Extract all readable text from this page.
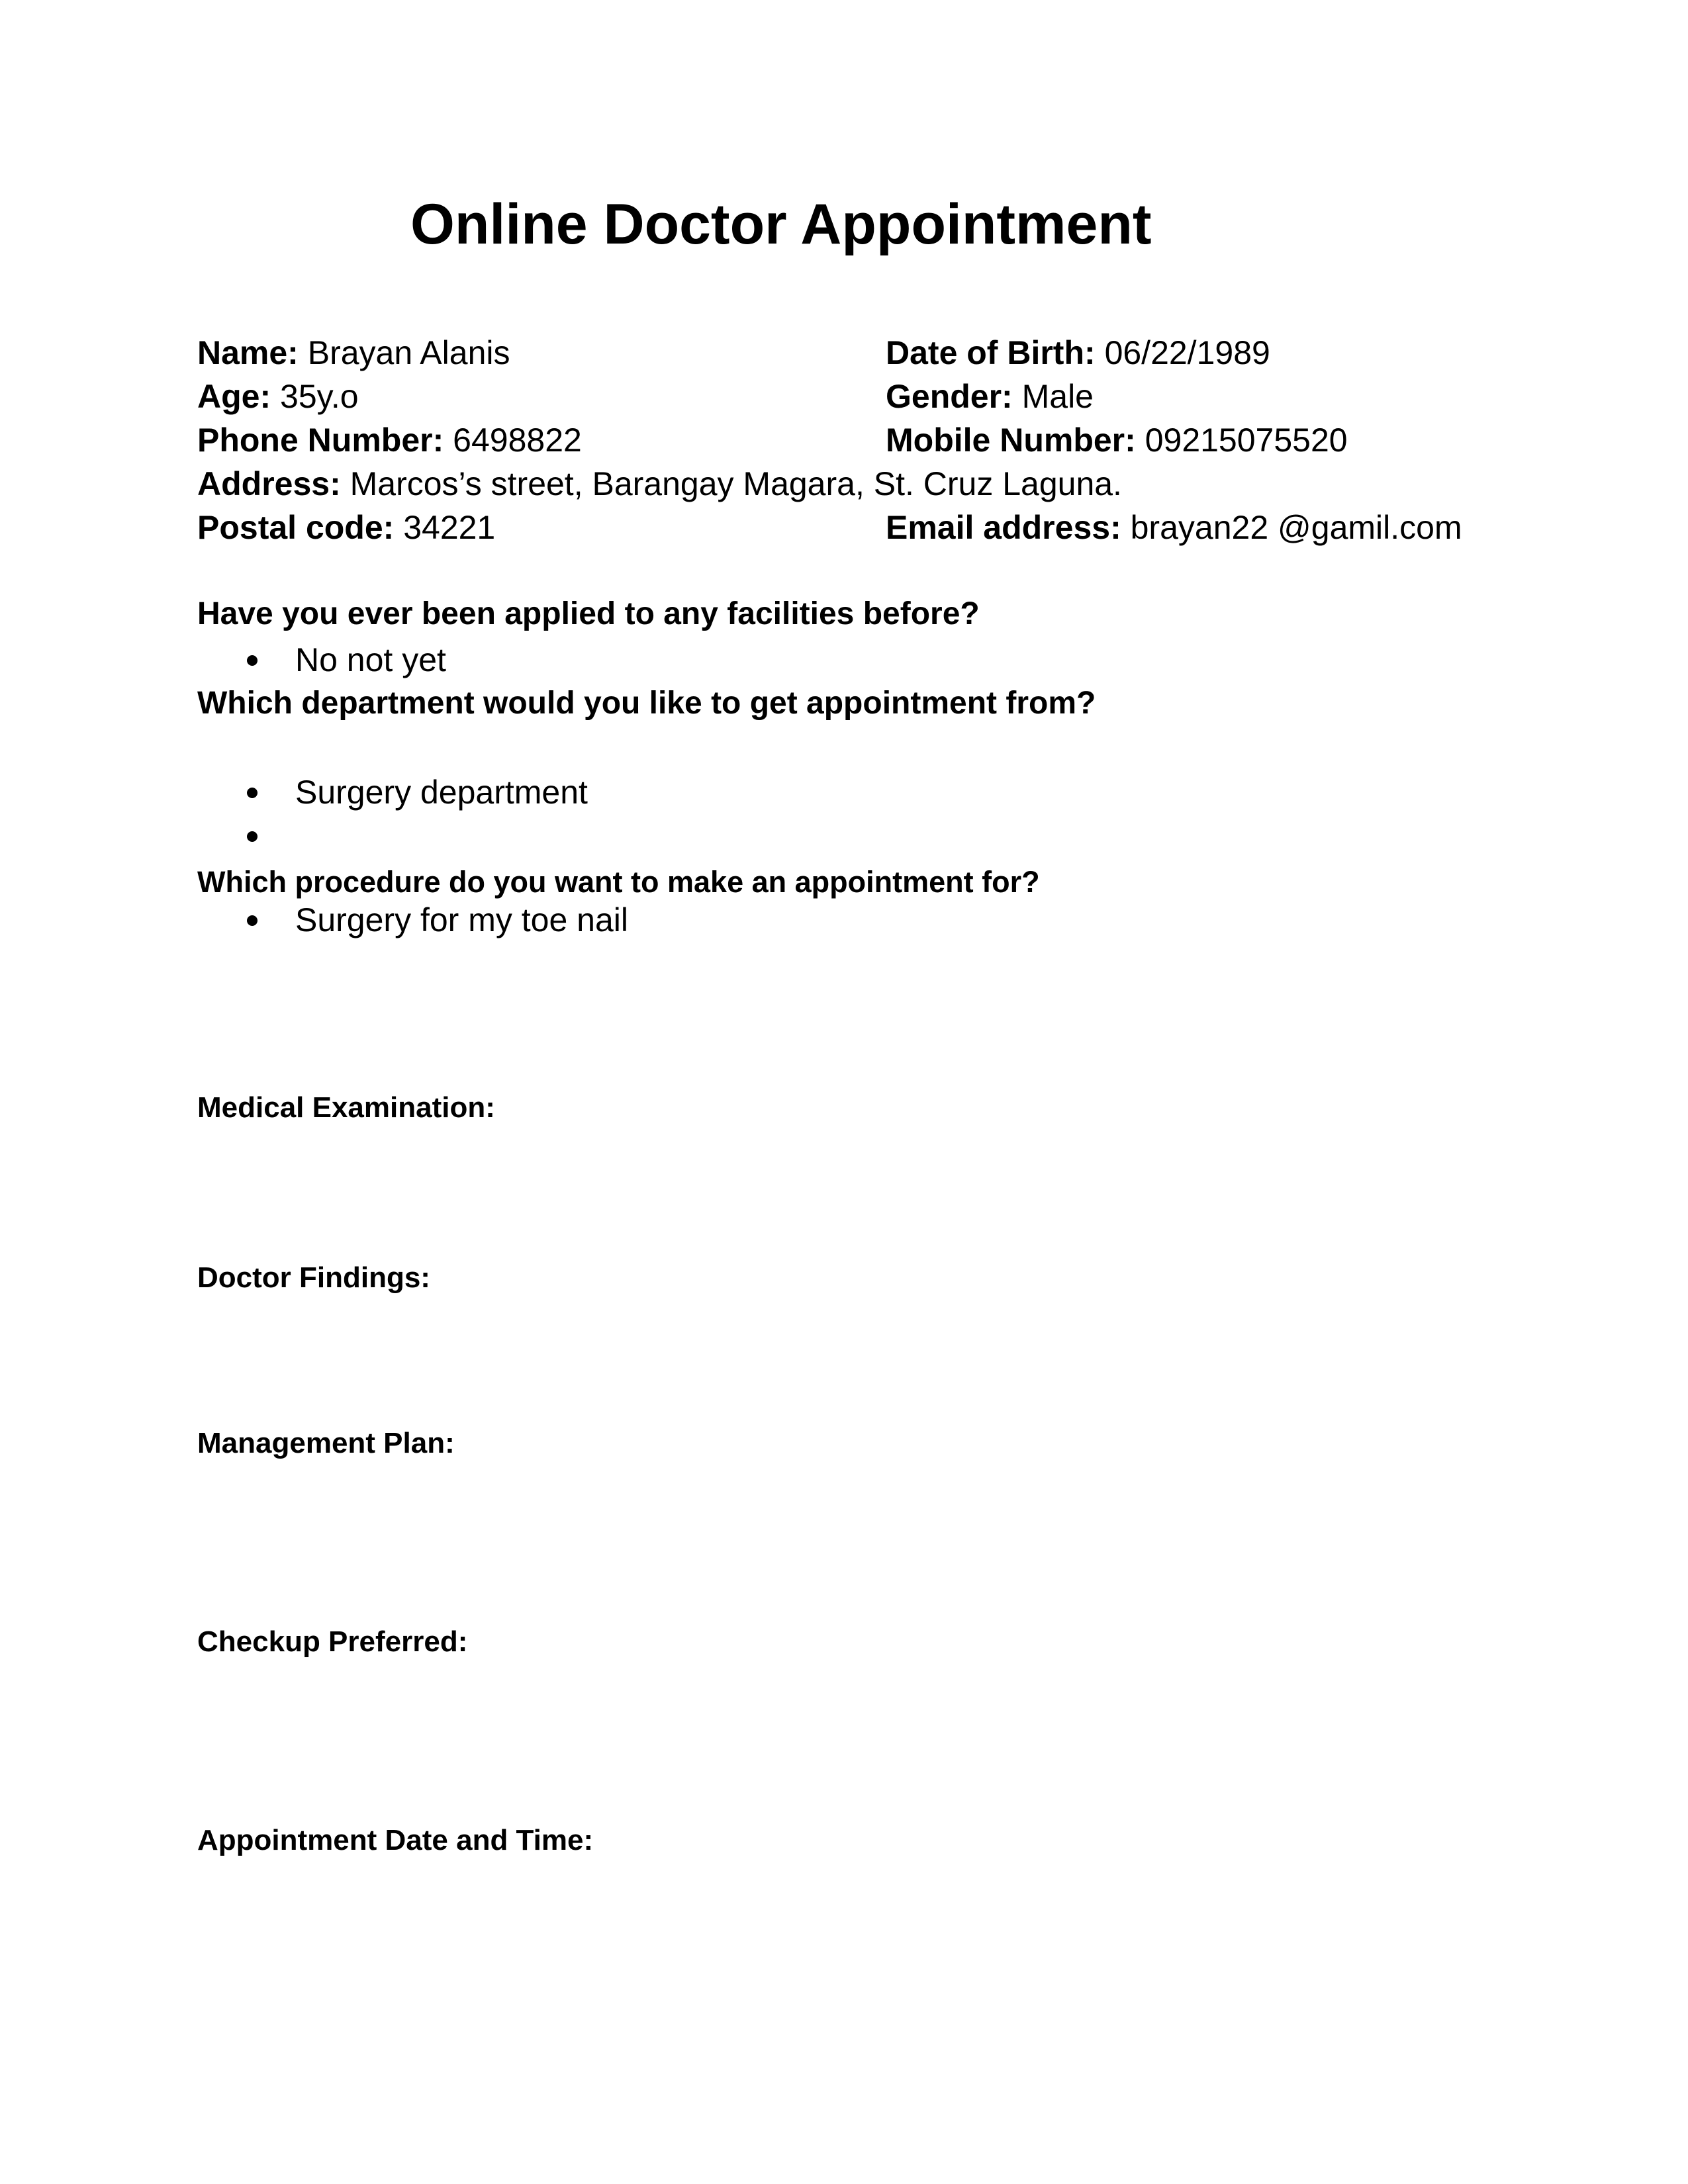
Online Doctor Appointment
Name: Brayan Alanis	Date of Birth: 06/22/1989
Age: 35y.o	Gender: Male
Phone Number: 6498822	Mobile Number: 09215075520
Address: Marcos’s street, Barangay Magara, St. Cruz Laguna.
Postal code: 34221	Email address: brayan22 @gamil.com
Have you ever been applied to any facilities before?
No not yet
Which department would you like to get appointment from?
Surgery department
Which procedure do you want to make an appointment for?
Surgery for my toe nail
Medical Examination:
Doctor Findings:
Management Plan:
Checkup Preferred:
Appointment Date and Time:
